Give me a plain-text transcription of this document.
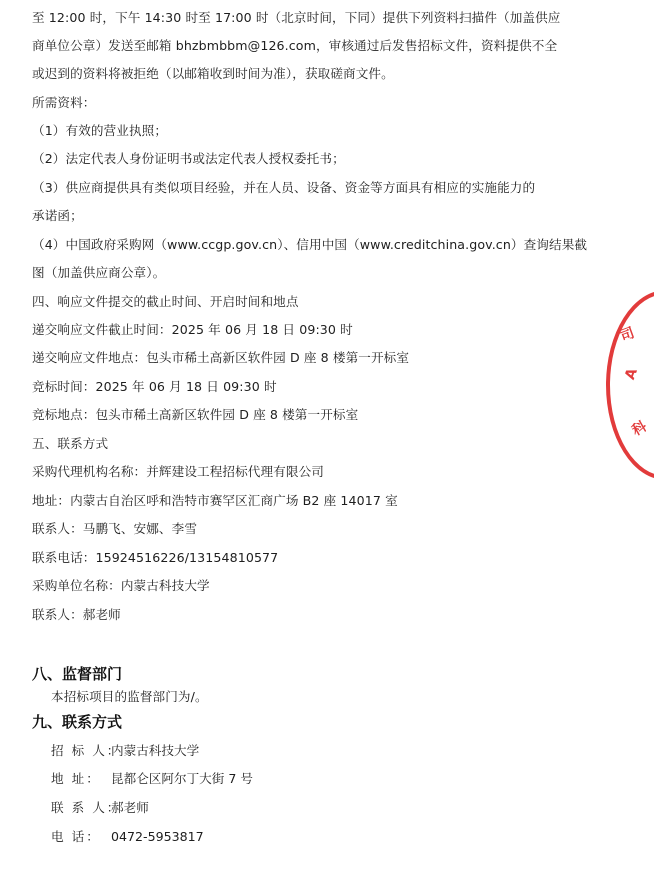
至 12:00 时，下午 14:30 时至 17:00 时（北京时间，下同）提供下列资料扫描件（加盖供应
商单位公章）发送至邮箱 bhzbmbbm@126.com，审核通过后发售招标文件，资料提供不全
或迟到的资料将被拒绝（以邮箱收到时间为准），获取磋商文件。
所需资料：
（1）有效的营业执照；
（2）法定代表人身份证明书或法定代表人授权委托书；
（3）供应商提供具有类似项目经验，并在人员、设备、资金等方面具有相应的实施能力的
承诺函；
（4）中国政府采购网（www.ccgp.gov.cn）、信用中国（www.creditchina.gov.cn）查询结果截
图（加盖供应商公章）。
四、响应文件提交的截止时间、开启时间和地点
递交响应文件截止时间：2025 年 06 月 18 日 09:30 时
递交响应文件地点：包头市稀土高新区软件园 D 座 8 楼第一开标室
竞标时间：2025 年 06 月 18 日 09:30 时
竞标地点：包头市稀土高新区软件园 D 座 8 楼第一开标室
五、联系方式
采购代理机构名称：并辉建设工程招标代理有限公司
地址：内蒙古自治区呼和浩特市赛罕区汇商广场 B2 座 14017 室
联系人：马鹏飞、安娜、李雪
联系电话：15924516226/13154810577
采购单位名称：内蒙古科技大学
联系人：郝老师
八、监督部门
本招标项目的监督部门为/。
九、联系方式
招 标 人：内蒙古科技大学
地 址： 昆都仑区阿尔丁大街 7 号
联 系 人：郝老师
电 话： 0472-5953817
司
A
科
